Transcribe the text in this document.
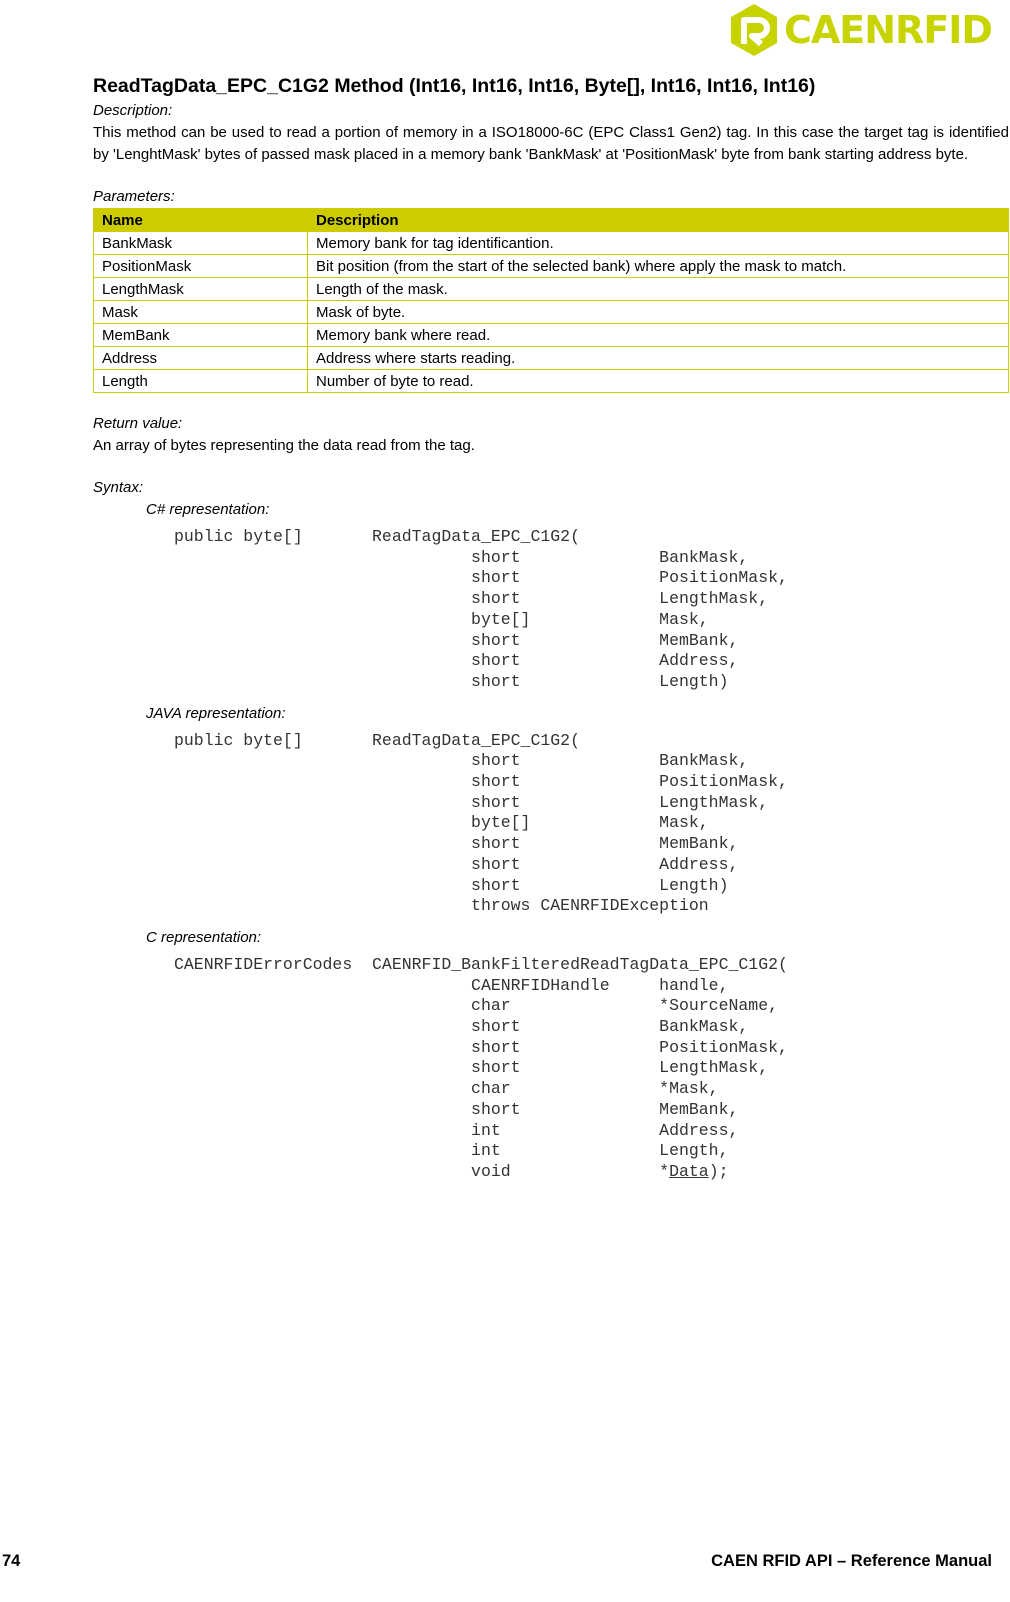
CAENRFID
ReadTagData_EPC_C1G2 Method (Int16, Int16, Int16, Byte[], Int16, Int16, Int16)

Description:

This method can be used to read a portion of memory in a ISO18000-6C (EPC Class1 Gen2) tag. In this case the target tag is identified by 'LenghtMask' bytes of passed mask placed in a memory bank 'BankMask' at 'PositionMask' byte from bank starting address byte.

Parameters:

Name	Description
BankMask	Memory bank for tag identificantion.
PositionMask	Bit position (from the start of the selected bank) where apply the mask to match.
LengthMask	Length of the mask.
Mask	Mask of byte.
MemBank	Memory bank where read.
Address	Address where starts reading.
Length	Number of byte to read.

Return value:

An array of bytes representing the data read from the tag.

Syntax:

C# representation:

public byte[]       ReadTagData_EPC_C1G2(
short              BankMask,
short              PositionMask,
short              LengthMask,
byte[]             Mask,
short              MemBank,
short              Address,
short              Length)

JAVA representation:

public byte[]       ReadTagData_EPC_C1G2(
short              BankMask,
short              PositionMask,
short              LengthMask,
byte[]             Mask,
short              MemBank,
short              Address,
short              Length)
throws CAENRFIDException

C representation:

CAENRFIDErrorCodes  CAENRFID_BankFilteredReadTagData_EPC_C1G2(
CAENRFIDHandle     handle,
char               *SourceName,
short              BankMask,
short              PositionMask,
short              LengthMask,
char               *Mask,
short              MemBank,
int                Address,
int                Length,
void	*Data);
74	CAEN RFID API – Reference Manual
